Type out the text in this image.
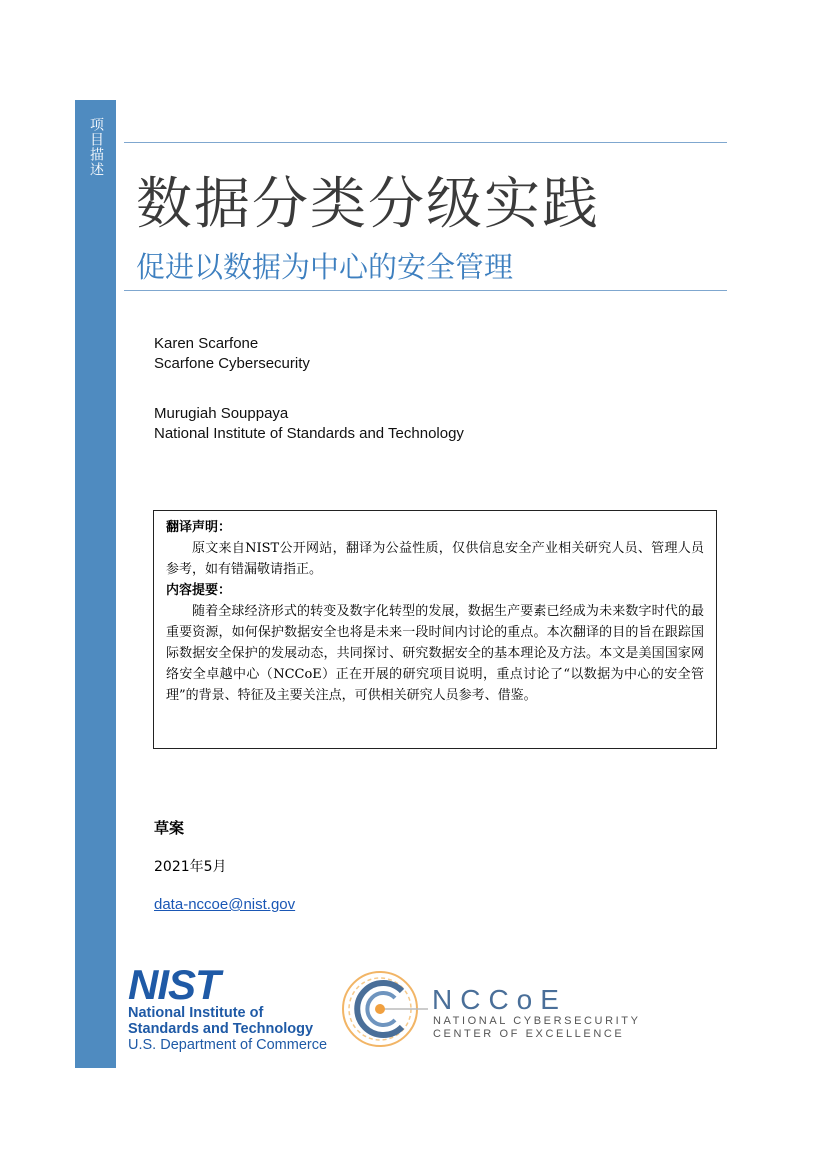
项目描述
数据分类分级实践
促进以数据为中心的安全管理
Karen Scarfone
Scarfone Cybersecurity
Murugiah Souppaya
National Institute of Standards and Technology
翻译声明：
原文来自NIST公开网站，翻译为公益性质，仅供信息安全产业相关研究人员、管理人员参考，如有错漏敬请指正。
内容提要：
随着全球经济形式的转变及数字化转型的发展，数据生产要素已经成为未来数字时代的最重要资源，如何保护数据安全也将是未来一段时间内讨论的重点。本次翻译的目的旨在跟踪国际数据安全保护的发展动态，共同探讨、研究数据安全的基本理论及方法。本文是美国国家网络安全卓越中心（NCCoE）正在开展的研究项目说明，重点讨论了“以数据为中心的安全管理”的背景、特征及主要关注点，可供相关研究人员参考、借鉴。
草案
2021年5月
data-nccoe@nist.gov
NIST
National Institute of
Standards and Technology
U.S. Department of Commerce
NCCoE
NATIONAL CYBERSECURITY
CENTER OF EXCELLENCE
